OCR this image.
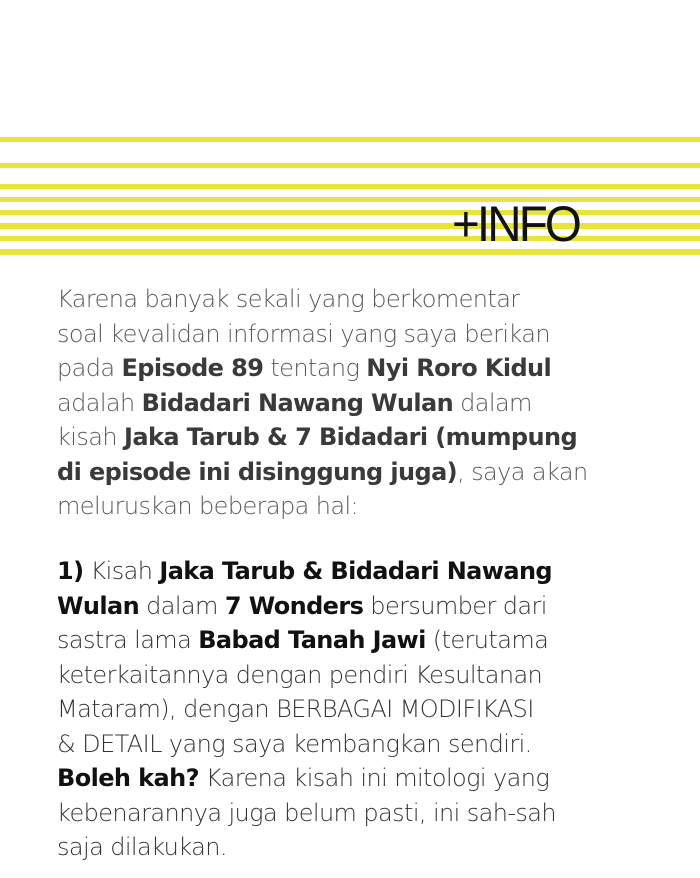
+INFO
Karena banyak sekali yang berkomentar
soal kevalidan informasi yang saya berikan
pada Episode 89 tentang Nyi Roro Kidul
adalah Bidadari Nawang Wulan dalam
kisah Jaka Tarub & 7 Bidadari (mumpung
di episode ini disinggung juga), saya akan
meluruskan beberapa hal:
1) Kisah Jaka Tarub & Bidadari Nawang
Wulan dalam 7 Wonders bersumber dari
sastra lama Babad Tanah Jawi (terutama
keterkaitannya dengan pendiri Kesultanan
Mataram), dengan BERBAGAI MODIFIKASI
& DETAIL yang saya kembangkan sendiri.
Boleh kah? Karena kisah ini mitologi yang
kebenarannya juga belum pasti, ini sah-sah
saja dilakukan.
